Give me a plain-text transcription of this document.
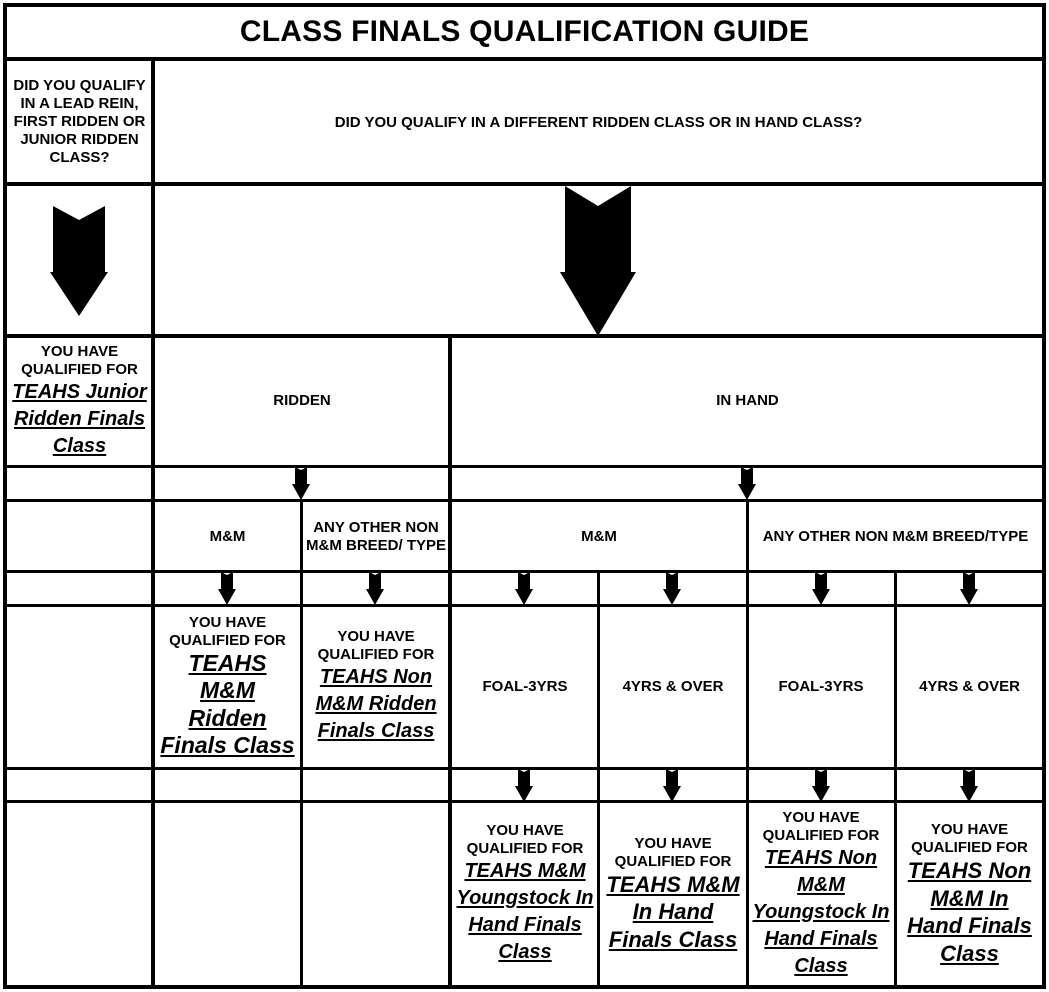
CLASS FINALS QUALIFICATION GUIDE
DID YOU QUALIFY IN A LEAD REIN, FIRST RIDDEN OR JUNIOR RIDDEN CLASS?
DID YOU QUALIFY IN A DIFFERENT RIDDEN CLASS OR IN HAND CLASS?
YOU HAVE QUALIFIED FOR
TEAHS Junior Ridden Finals Class
RIDDEN	IN HAND
M&M
ANY OTHER NON M&M BREED/ TYPE
M&M	ANY OTHER NON M&M BREED/TYPE
YOU HAVE QUALIFIED FOR
TEAHS M&M Ridden Finals Class
YOU HAVE QUALIFIED FOR
TEAHS Non M&M Ridden Finals Class
FOAL-3YRS	4YRS & OVER	FOAL-3YRS	4YRS & OVER
YOU HAVE QUALIFIED FOR
TEAHS M&M Youngstock In Hand Finals Class
YOU HAVE QUALIFIED FOR
TEAHS M&M In Hand Finals Class
YOU HAVE QUALIFIED FOR
TEAHS Non M&M Youngstock In Hand Finals Class
YOU HAVE QUALIFIED FOR
TEAHS Non M&M In Hand Finals Class
